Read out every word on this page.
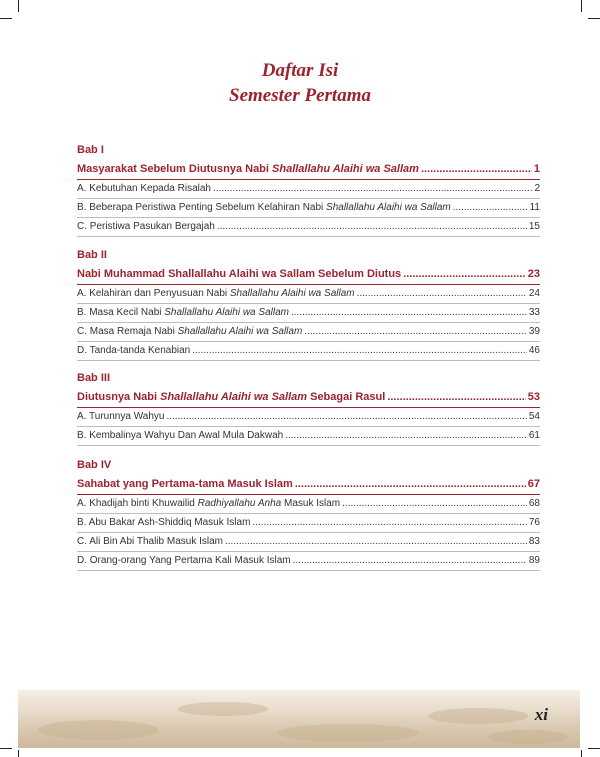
Daftar Isi
Semester Pertama
Bab I
Masyarakat Sebelum Diutusnya Nabi Shallallahu Alaihi wa Sallam .....	1
A. Kebutuhan Kepada Risalah .....	2
B. Beberapa Peristiwa Penting Sebelum Kelahiran Nabi Shallallahu Alaihi wa Sallam .....	11
C. Peristiwa Pasukan Bergajah .....	15
Bab II
Nabi Muhammad Shallallahu Alaihi wa Sallam Sebelum Diutus .....	23
A. Kelahiran dan Penyusuan Nabi Shallallahu Alaihi wa Sallam .....	24
B. Masa Kecil Nabi Shallallahu Alaihi wa Sallam .....	33
C. Masa Remaja Nabi Shallallahu Alaihi wa Sallam .....	39
D. Tanda-tanda Kenabian .....	46
Bab III
Diutusnya Nabi Shallallahu Alaihi wa Sallam Sebagai Rasul .....	53
A. Turunnya Wahyu .....	54
B. Kembalinya Wahyu Dan Awal Mula Dakwah .....	61
Bab IV
Sahabat yang Pertama-tama Masuk Islam .....	67
A. Khadijah binti Khuwailid Radhiyallahu Anha Masuk Islam .....	68
B. Abu Bakar Ash-Shiddiq Masuk Islam .....	76
C. Ali Bin Abi Thalib Masuk Islam .....	83
D. Orang-orang Yang Pertama Kali Masuk Islam .....	89
xi
